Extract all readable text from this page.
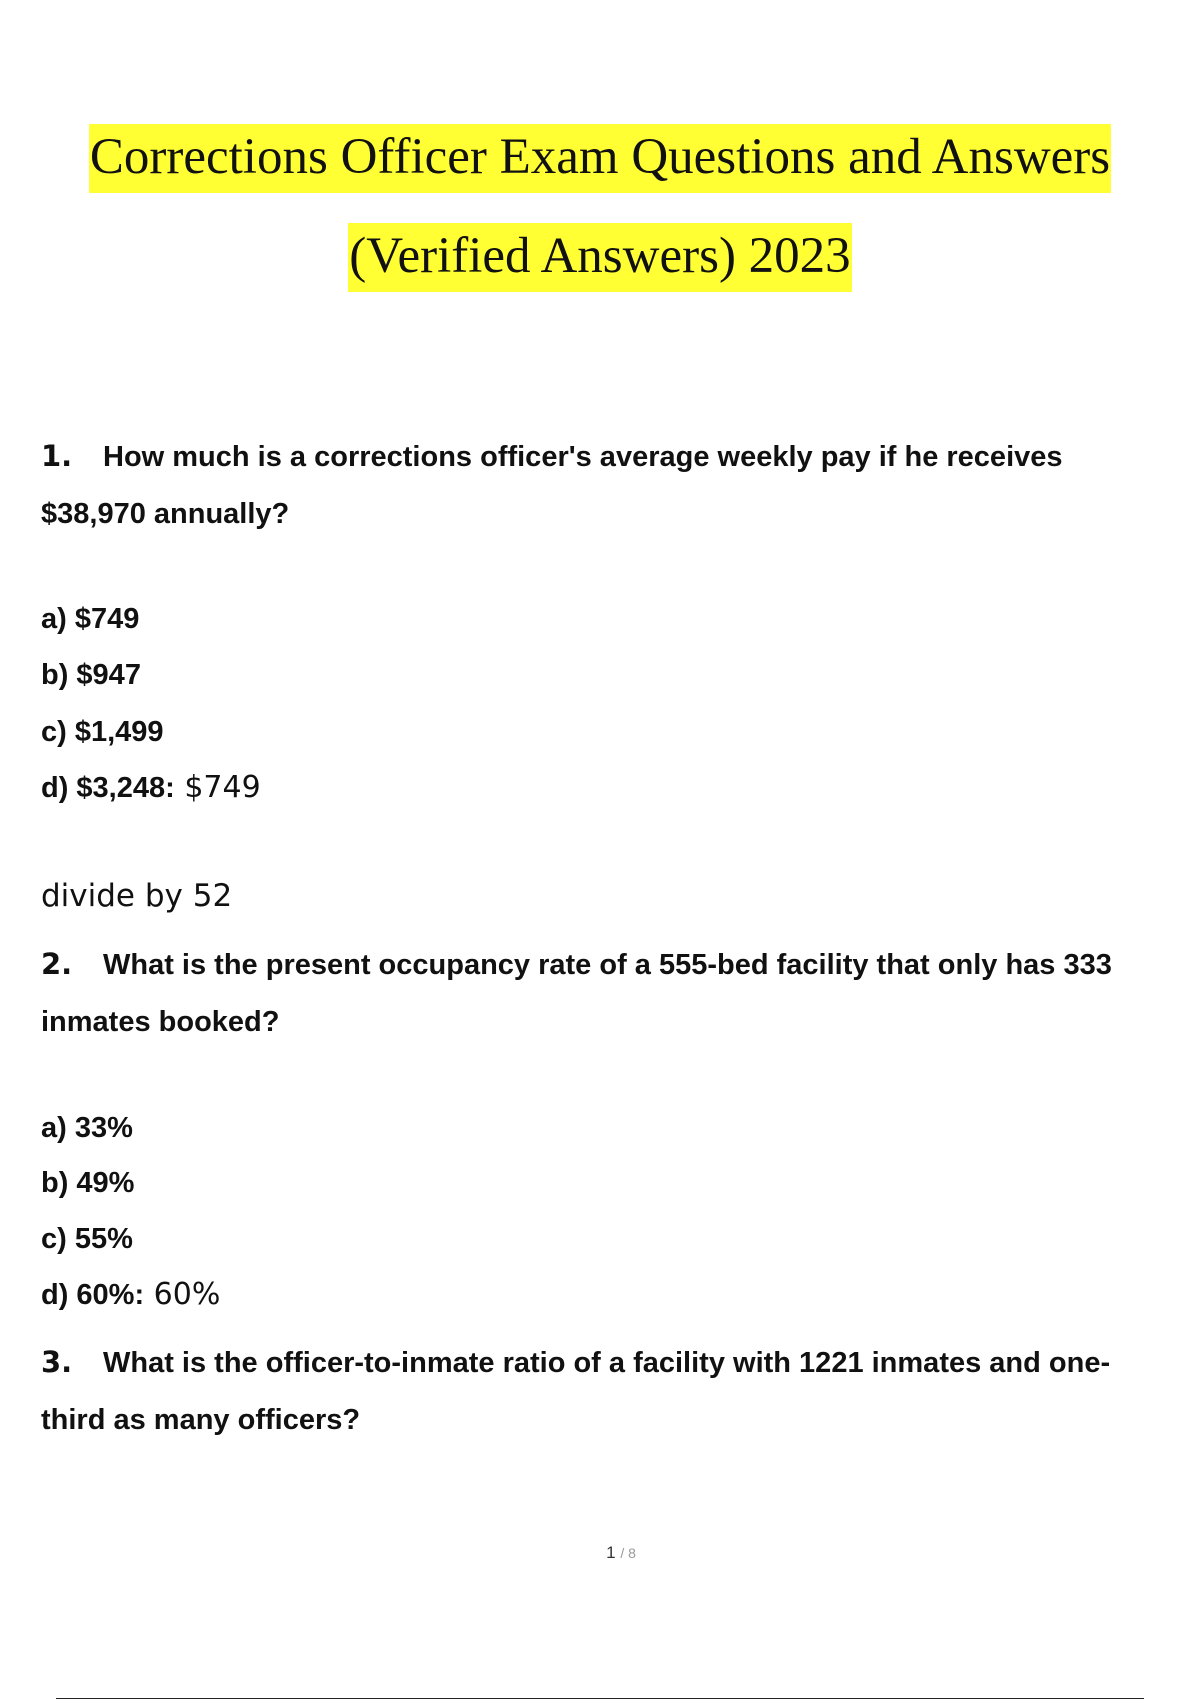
Corrections Officer Exam Questions and Answers
(Verified Answers) 2023
1. How much is a corrections officer's average weekly pay if he receives $38,970 annually?
a) $749
b) $947
c) $1,499
d) $3,248: $749
divide by 52
2. What is the present occupancy rate of a 555-bed facility that only has 333 inmates booked?
a) 33%
b) 49%
c) 55%
d) 60%: 60%
3. What is the officer-to-inmate ratio of a facility with 1221 inmates and one-third as many officers?
1 / 8
